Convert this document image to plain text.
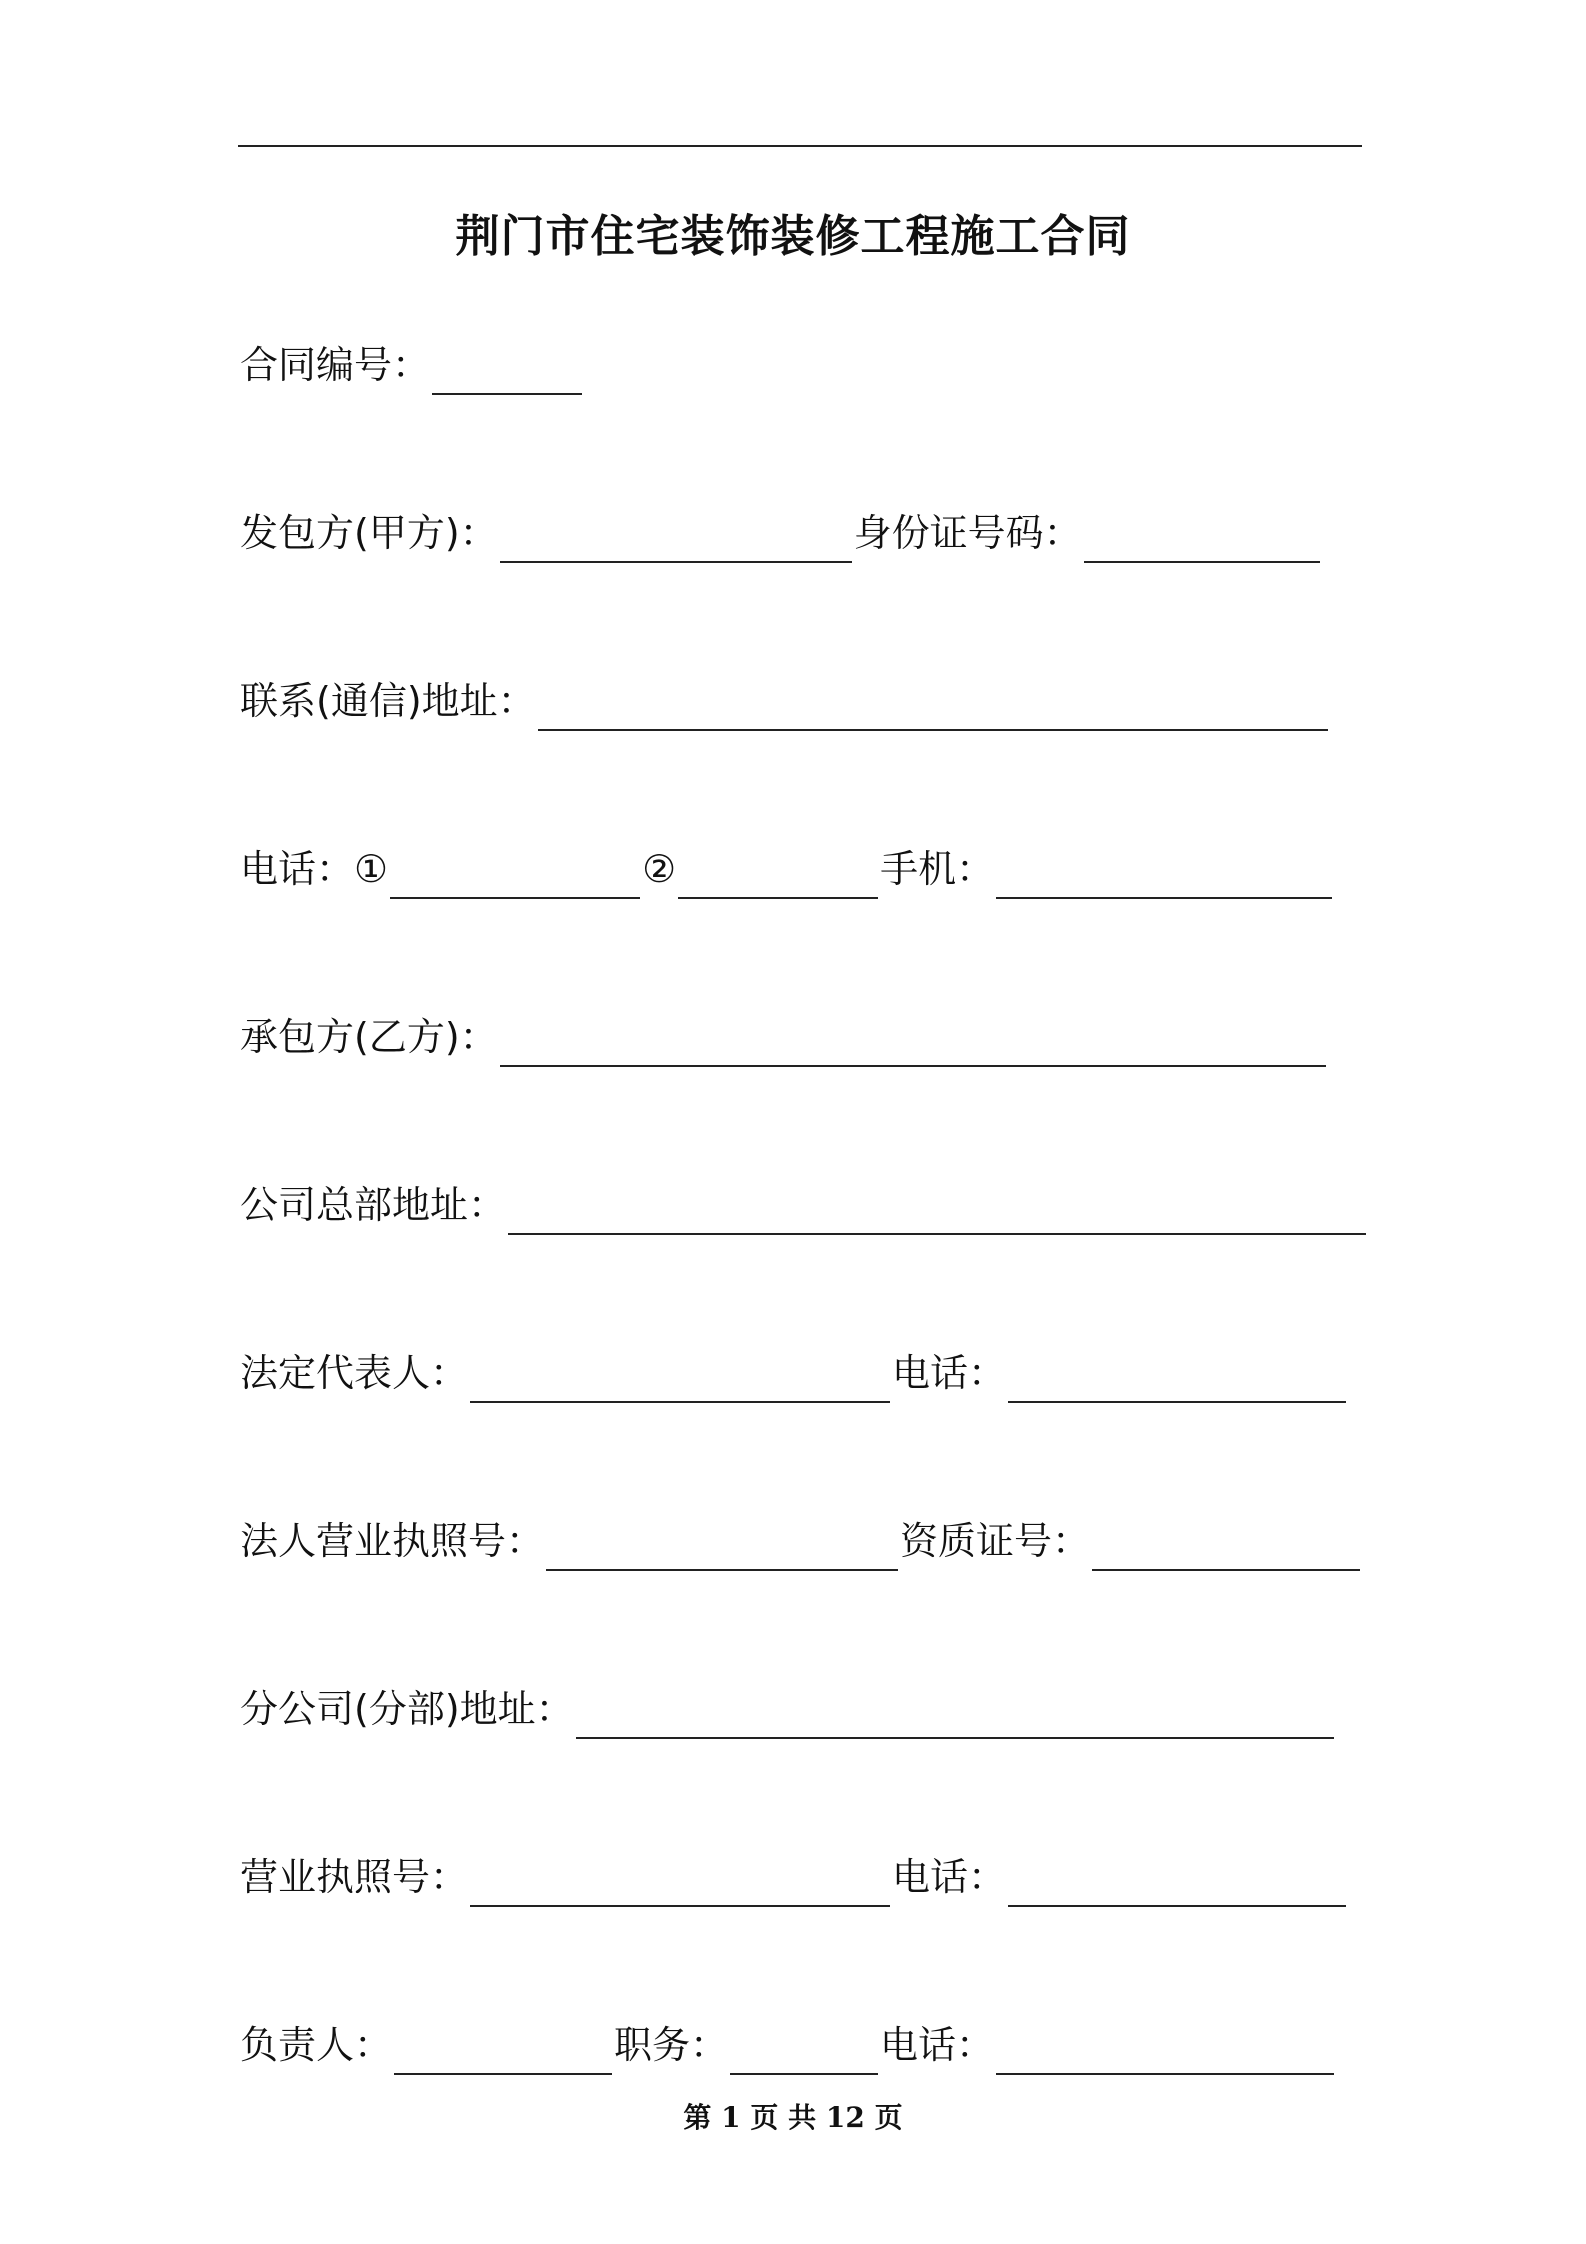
荆门市住宅装饰装修工程施工合同
合同编号：
发包方(甲方)：	身份证号码：
联系(通信)地址：
电话：①	②	手机：
承包方(乙方)：
公司总部地址：
法定代表人：	电话：
法人营业执照号：	资质证号：
分公司(分部)地址：
营业执照号：	电话：
负责人：	职务：	电话：
第 1 页 共 12 页
